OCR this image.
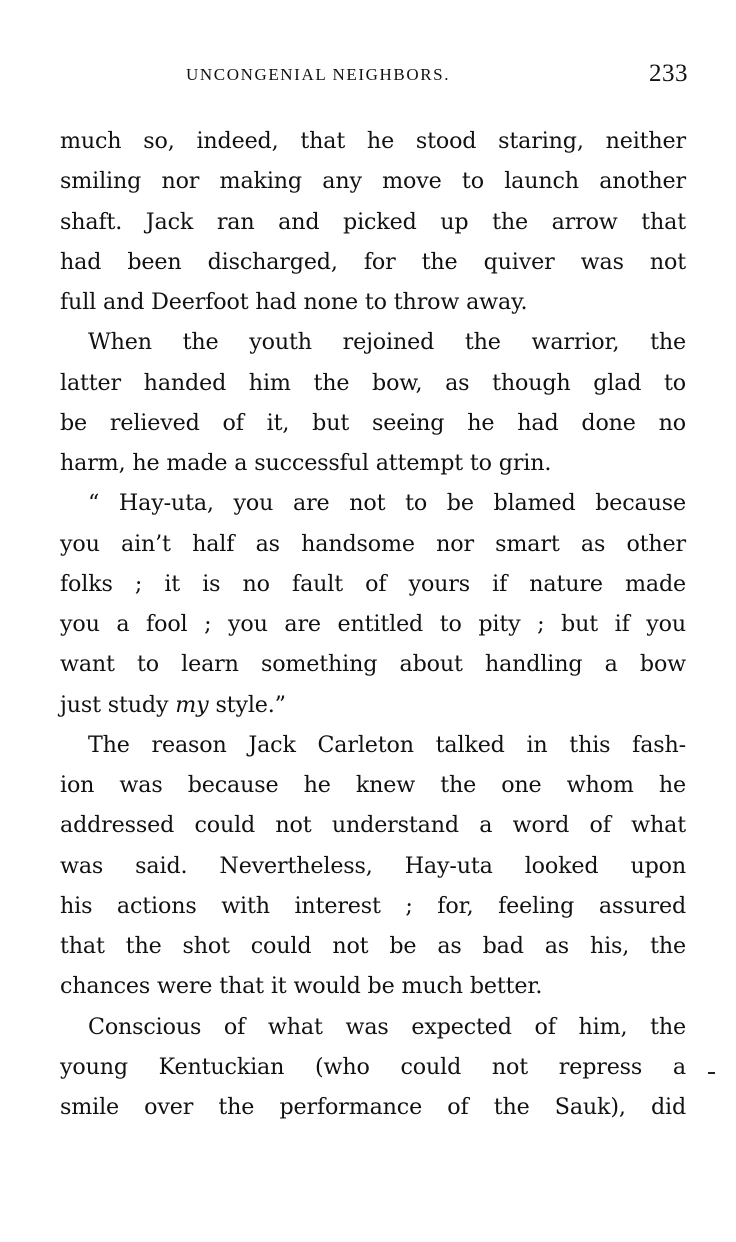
UNCONGENIAL NEIGHBORS.	233
much so, indeed, that he stood staring, neither
smiling nor making any move to launch another
shaft. Jack ran and picked up the arrow that
had been discharged, for the quiver was not
full and Deerfoot had none to throw away.
When the youth rejoined the warrior, the
latter handed him the bow, as though glad to
be relieved of it, but seeing he had done no
harm, he made a successful attempt to grin.
“ Hay-uta, you are not to be blamed because
you ain’t half as handsome nor smart as other
folks ; it is no fault of yours if nature made
you a fool ; you are entitled to pity ; but if you
want to learn something about handling a bow
just study my style.”
The reason Jack Carleton talked in this fash-
ion was because he knew the one whom he
addressed could not understand a word of what
was said. Nevertheless, Hay-uta looked upon
his actions with interest ; for, feeling assured
that the shot could not be as bad as his, the
chances were that it would be much better.
Conscious of what was expected of him, the
young Kentuckian (who could not repress a
smile over the performance of the Sauk), did
